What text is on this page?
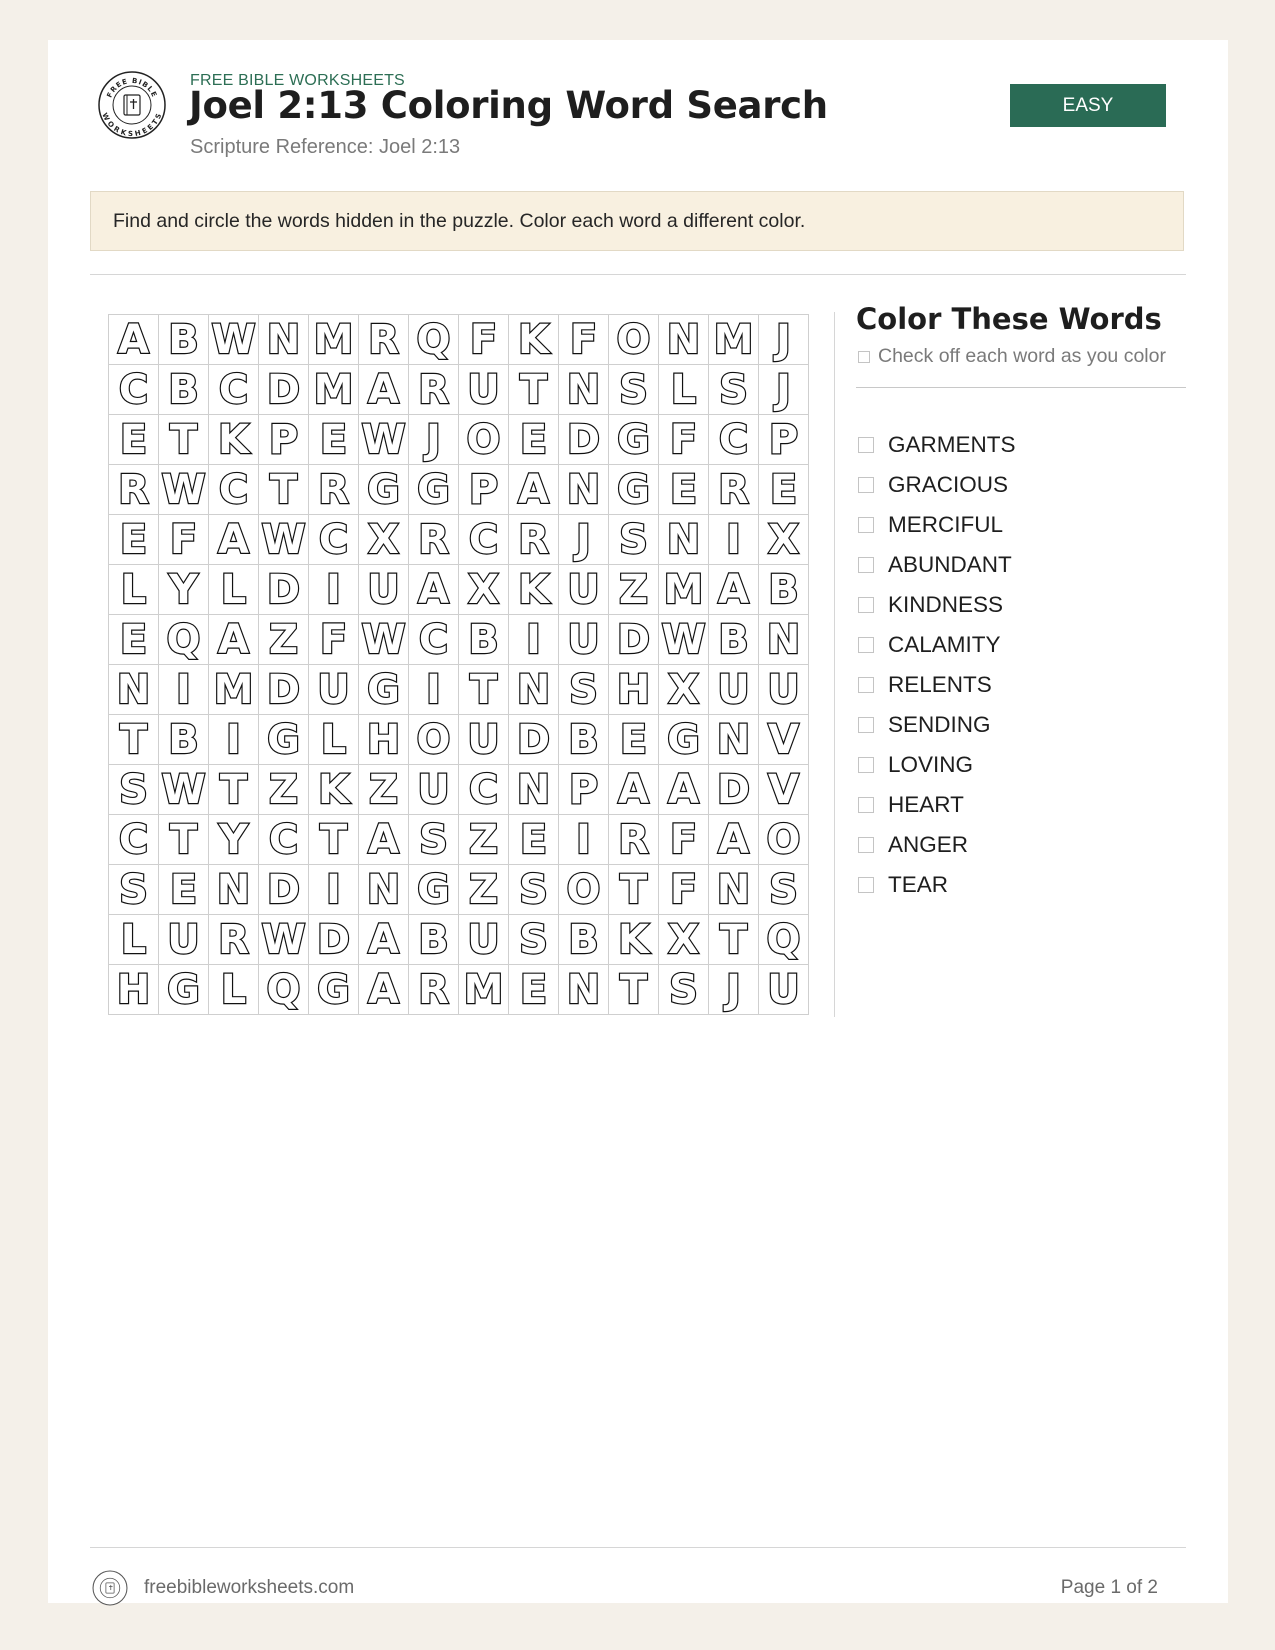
FREE BIBLE
WORKSHEETS
FREE BIBLE WORKSHEETS
Joel 2:13 Coloring Word Search
Scripture Reference: Joel 2:13
EASY
Find and circle the words hidden in the puzzle. Color each word a different color.
A B W N M R Q F K F O N M J
C B C D M A R U T N S L S J
E T K P E W J O E D G F C P
R W C T R G G P A N G E R E
E F A W C X R C R J S N I X
L Y L D I U A X K U Z M A B
E Q A Z F W C B I U D W B N
N I M D U G I T N S H X U U
T B I G L H O U D B E G N V
S W T Z K Z U C N P A A D V
C T Y C T A S Z E I R F A O
S E N D I N G Z S O T F N S
L U R W D A B U S B K X T Q
H G L Q G A R M E N T S J U
Color These Words
Check off each word as you color
GARMENTS
GRACIOUS
MERCIFUL
ABUNDANT
KINDNESS
CALAMITY
RELENTS
SENDING
LOVING
HEART
ANGER
TEAR
freebibleworksheets.com	Page 1 of 2
